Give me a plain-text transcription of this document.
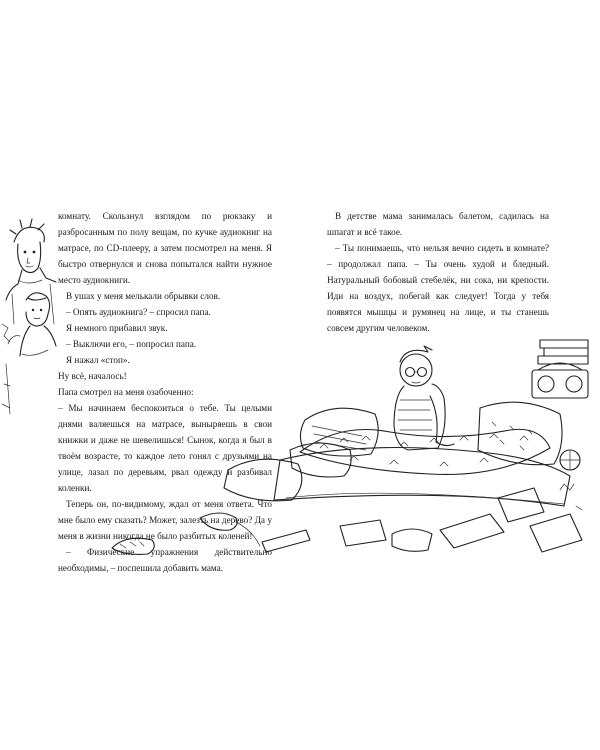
комнату. Скользнул взглядом по рюкзаку и разбросанным по полу вещам, по кучке аудиокниг на матрасе, по CD-плееру, а затем посмотрел на меня. Я быстро отвернулся и снова попытался найти нужное место аудиокниги.

В ушах у меня мелькали обрывки слов.

– Опять аудиокнига? – спросил папа.

Я немного прибавил звук.

– Выключи его, – попросил папа.

Я нажал «стоп».

Ну всё, началось!

Папа смотрел на меня озабоченно:

– Мы начинаем беспокоиться о тебе. Ты целыми днями валяешься на матрасе, выныряешь в свои книжки и даже не шевелишься! Сынок, когда я был в твоём возрасте, то каждое лето гонял с друзьями на улице, лазал по деревьям, рвал одежду и разбивал коленки.

Теперь он, по-видимому, ждал от меня ответа. Что мне было ему сказать? Может, залезть на дерево? Да у меня в жизни никогда не было разбитых коленей!

– Физические упражнения действительно необходимы, – поспешила добавить мама.

В детстве мама занималась балетом, садилась на шпагат и всё такое.

– Ты понимаешь, что нельзя вечно сидеть в комнате? – продолжал папа. – Ты очень худой и бледный. Натуральный бобовый стебелёк, ни сока, ни крепости. Иди на воздух, побегай как следует! Тогда у тебя появятся мышцы и румянец на лице, и ты станешь совсем другим человеком.
